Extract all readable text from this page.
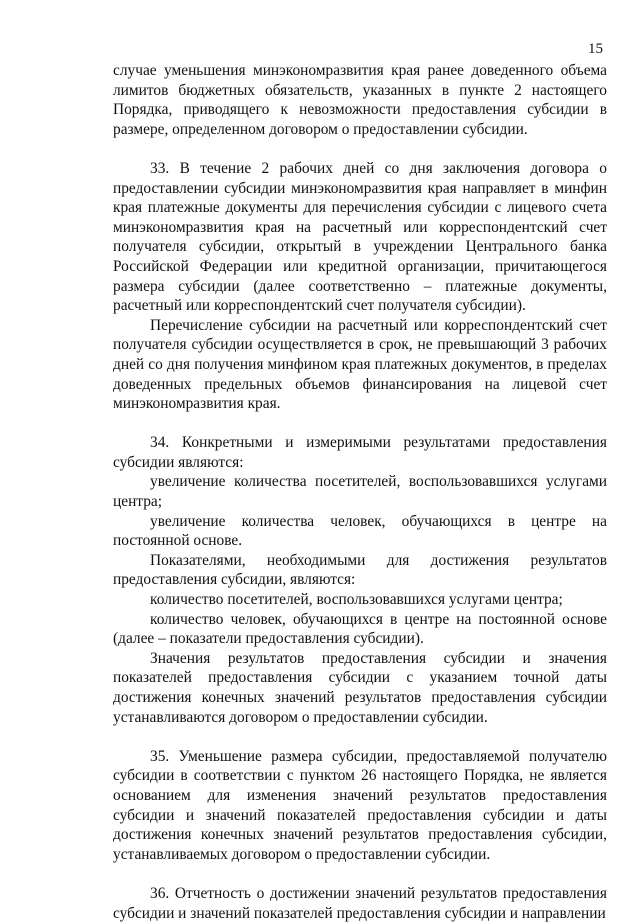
15

случае уменьшения минэкономразвития края ранее доведенного объема лимитов бюджетных обязательств, указанных в пункте 2 настоящего Порядка, приводящего к невозможности предоставления субсидии в размере, определенном договором о предоставлении субсидии.

33. В течение 2 рабочих дней со дня заключения договора о предоставлении субсидии минэкономразвития края направляет в минфин края платежные документы для перечисления субсидии с лицевого счета минэкономразвития края на расчетный или корреспондентский счет получателя субсидии, открытый в учреждении Центрального банка Российской Федерации или кредитной организации, причитающегося размера субсидии (далее соответственно – платежные документы, расчетный или корреспондентский счет получателя субсидии).

Перечисление субсидии на расчетный или корреспондентский счет получателя субсидии осуществляется в срок, не превышающий 3 рабочих дней со дня получения минфином края платежных документов, в пределах доведенных предельных объемов финансирования на лицевой счет минэкономразвития края.

34. Конкретными и измеримыми результатами предоставления субсидии являются:

увеличение количества посетителей, воспользовавшихся услугами центра;

увеличение количества человек, обучающихся в центре на постоянной основе.

Показателями, необходимыми для достижения результатов предоставления субсидии, являются:

количество посетителей, воспользовавшихся услугами центра;

количество человек, обучающихся в центре на постоянной основе (далее – показатели предоставления субсидии).

Значения результатов предоставления субсидии и значения показателей предоставления субсидии с указанием точной даты достижения конечных значений результатов предоставления субсидии устанавливаются договором о предоставлении субсидии.

35. Уменьшение размера субсидии, предоставляемой получателю субсидии в соответствии с пунктом 26 настоящего Порядка, не является основанием для изменения значений результатов предоставления субсидии и значений показателей предоставления субсидии и даты достижения конечных значений результатов предоставления субсидии, устанавливаемых договором о предоставлении субсидии.

36. Отчетность о достижении значений результатов предоставления субсидии и значений показателей предоставления субсидии и направлении
